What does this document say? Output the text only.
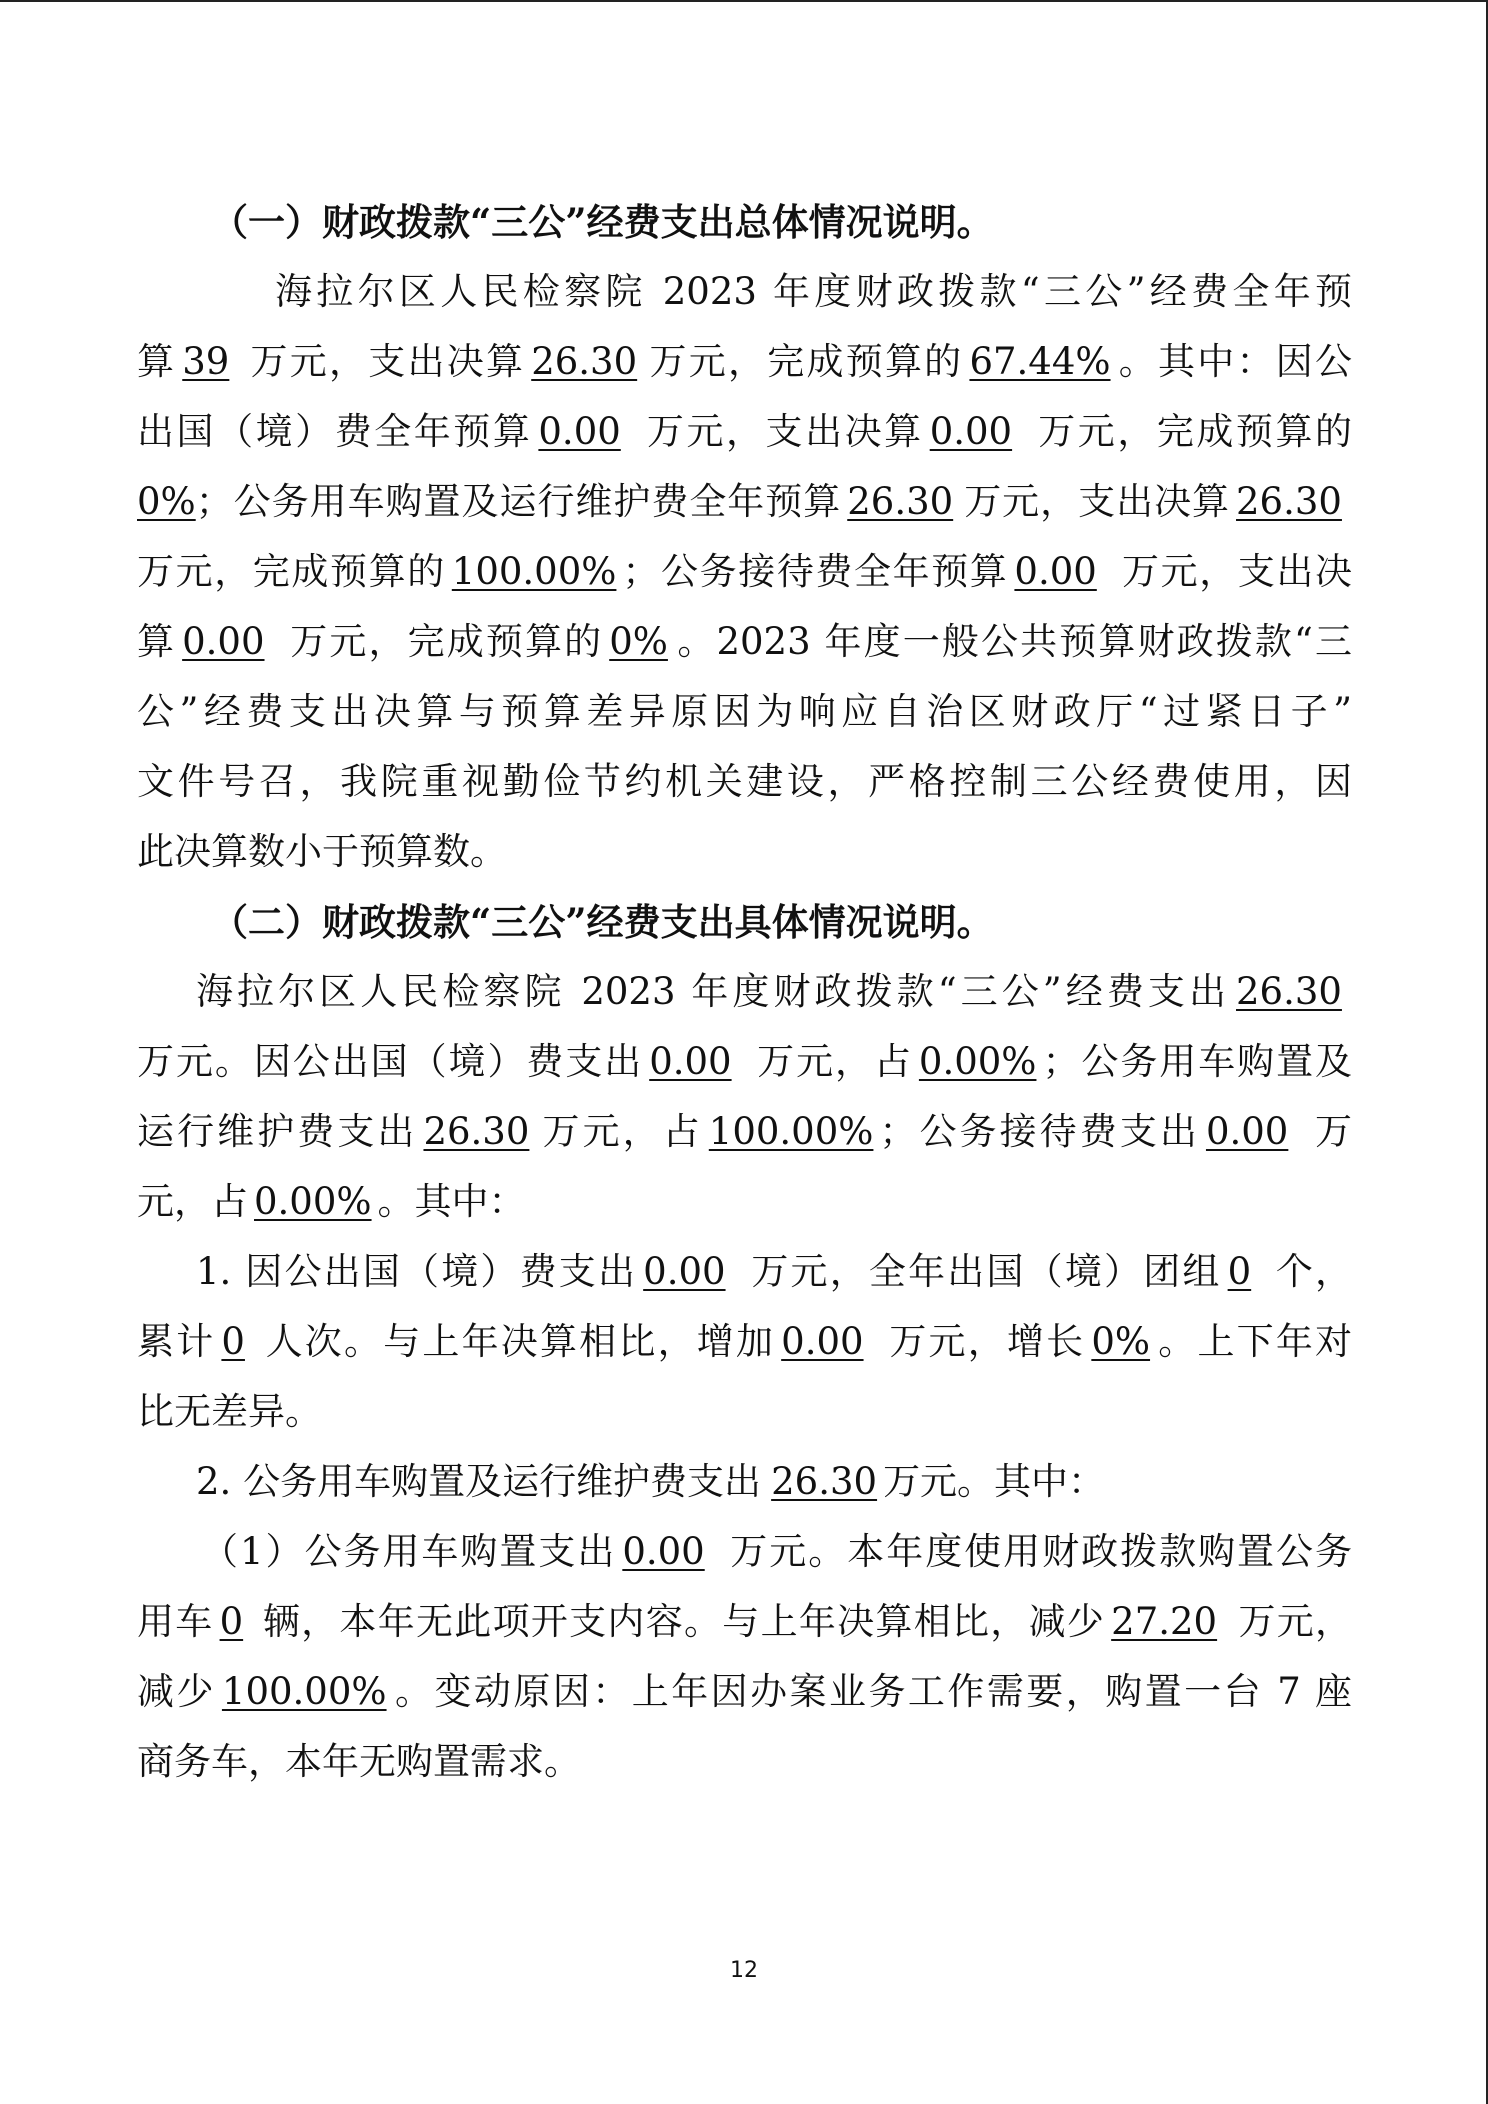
（一）财政拨款“三公”经费支出总体情况说明。
海拉尔区人民检察院 2023 年度财政拨款“三公”经费全年预
算 39 万元，支出决算 26.30 万元，完成预算的 67.44% 。其中：因公
出国（境）费全年预算 0.00 万元，支出决算 0.00 万元，完成预算的
0%；公务用车购置及运行维护费全年预算 26.30 万元，支出决算 26.30
万元，完成预算的 100.00% ；公务接待费全年预算 0.00 万元，支出决
算 0.00 万元，完成预算的 0% 。2023 年度一般公共预算财政拨款“三
公”经费支出决算与预算差异原因为响应自治区财政厅“过紧日子”
文件号召，我院重视勤俭节约机关建设，严格控制三公经费使用，因
此决算数小于预算数。
（二）财政拨款“三公”经费支出具体情况说明。
海拉尔区人民检察院 2023 年度财政拨款“三公”经费支出 26.30
万元。因公出国（境）费支出 0.00 万元，占 0.00% ；公务用车购置及
运行维护费支出 26.30 万元，占 100.00% ；公务接待费支出 0.00 万
元，占 0.00% 。其中：
1. 因公出国（境）费支出 0.00 万元，全年出国（境）团组 0 个，
累计 0 人次。与上年决算相比，增加 0.00 万元，增长 0% 。上下年对
比无差异。
2. 公务用车购置及运行维护费支出 26.30 万元。其中：
（1）公务用车购置支出 0.00 万元。本年度使用财政拨款购置公务
用车 0 辆，本年无此项开支内容。与上年决算相比，减少 27.20 万元，
减少 100.00% 。变动原因：上年因办案业务工作需要，购置一台 7 座
商务车，本年无购置需求。
12
